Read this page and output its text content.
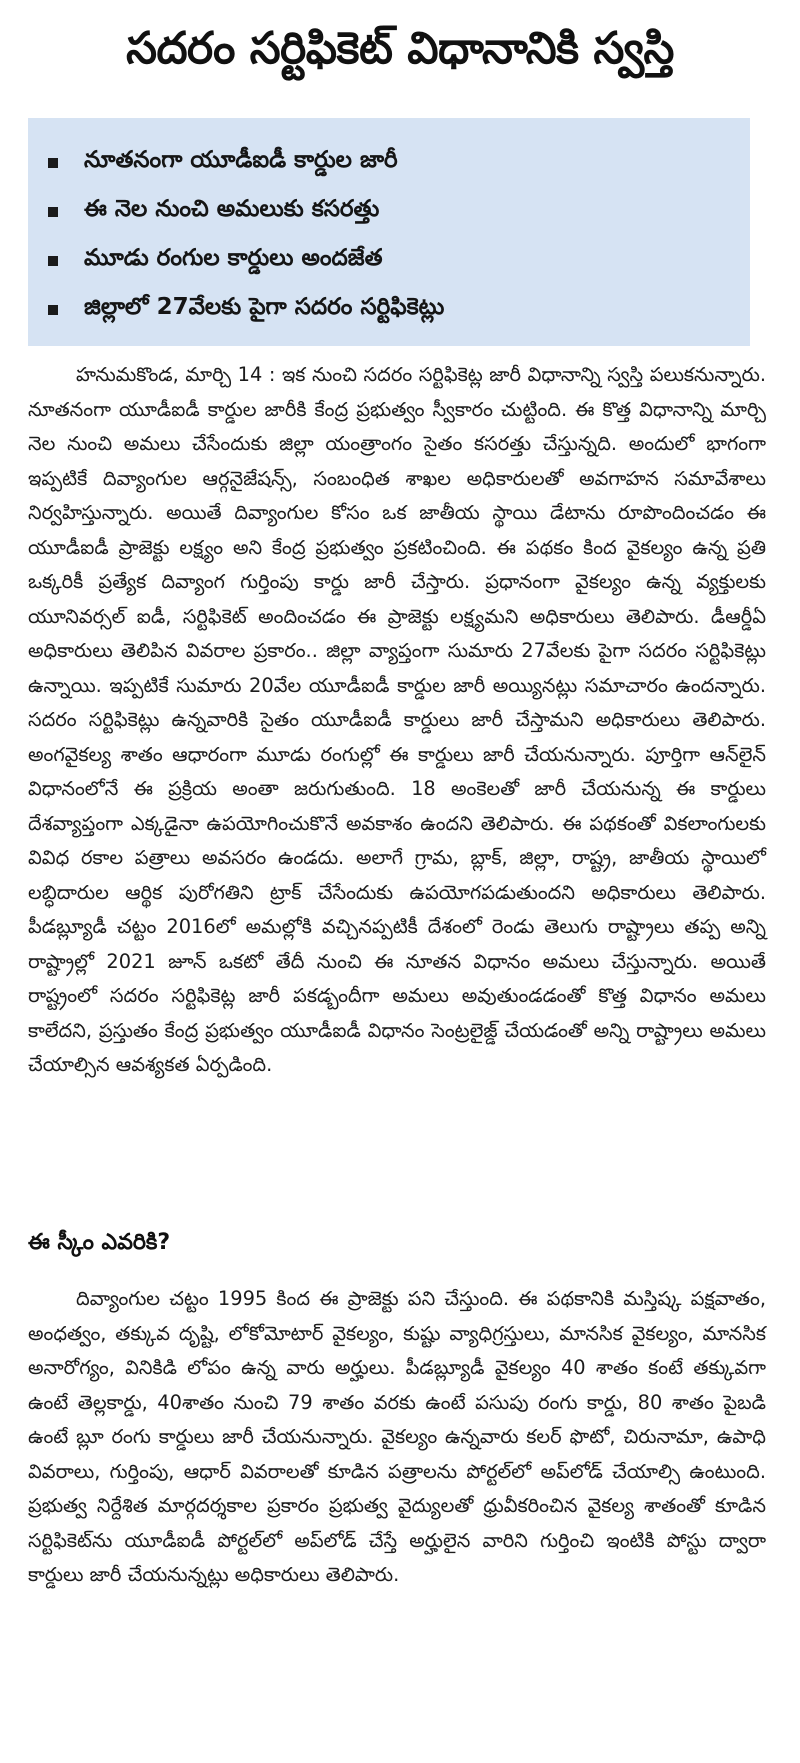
సదరం సర్టిఫికెట్ విధానానికి స్వస్తి
నూతనంగా యూడీఐడీ కార్డుల జారీ
ఈ నెల నుంచి అమలుకు కసరత్తు
మూడు రంగుల కార్డులు అందజేత
జిల్లాలో 27వేలకు పైగా సదరం సర్టిఫికెట్లు

హనుమకొండ, మార్చి 14 : ఇక నుంచి సదరం సర్టిఫికెట్ల జారీ విధానాన్ని స్వస్తి పలుకనున్నారు. నూతనంగా యూడీఐడీ కార్డుల జారీకి కేంద్ర ప్రభుత్వం స్వీకారం చుట్టింది. ఈ కొత్త విధానాన్ని మార్చి నెల నుంచి అమలు చేసేందుకు జిల్లా యంత్రాంగం సైతం కసరత్తు చేస్తున్నది. అందులో భాగంగా ఇప్పటికే దివ్యాంగుల ఆర్గనైజేషన్స్, సంబంధిత శాఖల అధికారులతో అవగాహన సమావేశాలు నిర్వహిస్తున్నారు. అయితే దివ్యాంగుల కోసం ఒక జాతీయ స్థాయి డేటాను రూపొందించడం ఈ యూడీఐడీ ప్రాజెక్టు లక్ష్యం అని కేంద్ర ప్రభుత్వం ప్రకటించింది. ఈ పథకం కింద వైకల్యం ఉన్న ప్రతి ఒక్కరికీ ప్రత్యేక దివ్యాంగ గుర్తింపు కార్డు జారీ చేస్తారు. ప్రధానంగా వైకల్యం ఉన్న వ్యక్తులకు యూనివర్సల్ ఐడీ, సర్టిఫికెట్ అందించడం ఈ ప్రాజెక్టు లక్ష్యమని అధికారులు తెలిపారు. డీఆర్డీఏ అధికారులు తెలిపిన వివరాల ప్రకారం.. జిల్లా వ్యాప్తంగా సుమారు 27వేలకు పైగా సదరం సర్టిఫికెట్లు ఉన్నాయి. ఇప్పటికే సుమారు 20వేల యూడీఐడీ కార్డుల జారీ అయ్యినట్లు సమాచారం ఉందన్నారు. సదరం సర్టిఫికెట్లు ఉన్నవారికి సైతం యూడీఐడీ కార్డులు జారీ చేస్తామని అధికారులు తెలిపారు. అంగవైకల్య శాతం ఆధారంగా మూడు రంగుల్లో ఈ కార్డులు జారీ చేయనున్నారు. పూర్తిగా ఆన్‌లైన్ విధానంలోనే ఈ ప్రక్రియ అంతా జరుగుతుంది. 18 అంకెలతో జారీ చేయనున్న ఈ కార్డులు దేశవ్యాప్తంగా ఎక్కడైనా ఉపయోగించుకొనే అవకాశం ఉందని తెలిపారు. ఈ పథకంతో వికలాంగులకు వివిధ రకాల పత్రాలు అవసరం ఉండదు. అలాగే గ్రామ, బ్లాక్, జిల్లా, రాష్ట్ర, జాతీయ స్థాయిలో లబ్ధిదారుల ఆర్థిక పురోగతిని ట్రాక్ చేసేందుకు ఉపయోగపడుతుందని అధికారులు తెలిపారు. పీడబ్ల్యూడీ చట్టం 2016లో అమల్లోకి వచ్చినప్పటికీ దేశంలో రెండు తెలుగు రాష్ట్రాలు తప్ప అన్ని రాష్ట్రాల్లో 2021 జూన్ ఒకటో తేదీ నుంచి ఈ నూతన విధానం అమలు చేస్తున్నారు. అయితే రాష్ట్రంలో సదరం సర్టిఫికెట్ల జారీ పకడ్బందీగా అమలు అవుతుండడంతో కొత్త విధానం అమలు కాలేదని, ప్రస్తుతం కేంద్ర ప్రభుత్వం యూడీఐడీ విధానం సెంట్రలైజ్డ్ చేయడంతో అన్ని రాష్ట్రాలు అమలు చేయాల్సిన ఆవశ్యకత ఏర్పడింది.

ఈ స్కీం ఎవరికి?

దివ్యాంగుల చట్టం 1995 కింద ఈ ప్రాజెక్టు పని చేస్తుంది. ఈ పథకానికి మస్తిష్క పక్షవాతం, అంధత్వం, తక్కువ దృష్టి, లోకోమోటార్ వైకల్యం, కుష్టు వ్యాధిగ్రస్తులు, మానసిక వైకల్యం, మానసిక అనారోగ్యం, వినికిడి లోపం ఉన్న వారు అర్హులు. పీడబ్ల్యూడీ వైకల్యం 40 శాతం కంటే తక్కువగా ఉంటే తెల్లకార్డు, 40శాతం నుంచి 79 శాతం వరకు ఉంటే పసుపు రంగు కార్డు, 80 శాతం పైబడి ఉంటే బ్లూ రంగు కార్డులు జారీ చేయనున్నారు. వైకల్యం ఉన్నవారు కలర్ ఫొటో, చిరునామా, ఉపాధి వివరాలు, గుర్తింపు, ఆధార్ వివరాలతో కూడిన పత్రాలను పోర్టల్‌లో అప్‌లోడ్ చేయాల్సి ఉంటుంది. ప్రభుత్వ నిర్దేశిత మార్గదర్శకాల ప్రకారం ప్రభుత్వ వైద్యులతో ధ్రువీకరించిన వైకల్య శాతంతో కూడిన సర్టిఫికెట్‌ను యూడీఐడీ పోర్టల్‌లో అప్‌లోడ్ చేస్తే అర్హులైన వారిని గుర్తించి ఇంటికి పోస్టు ద్వారా కార్డులు జారీ చేయనున్నట్లు అధికారులు తెలిపారు.
